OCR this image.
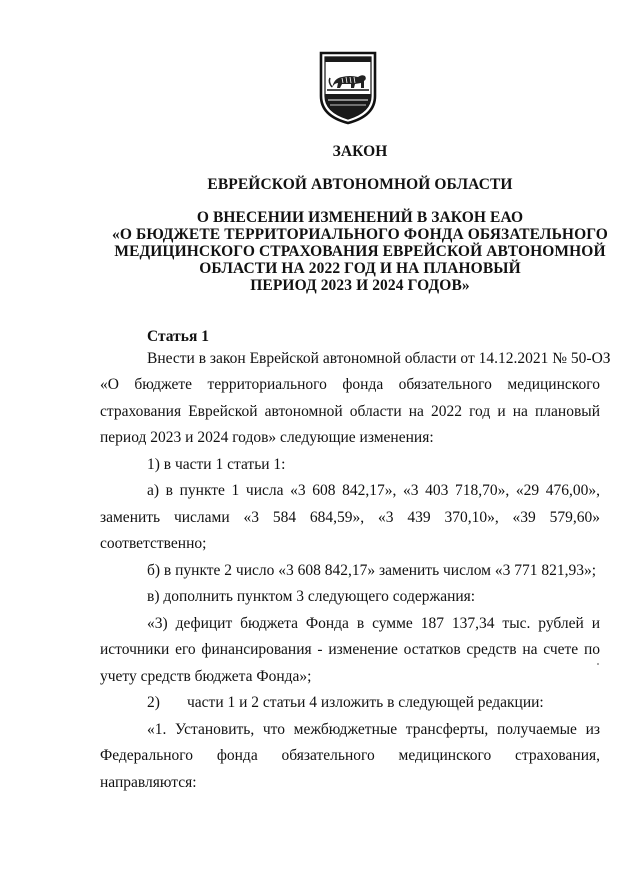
ЗАКОН
ЕВРЕЙСКОЙ АВТОНОМНОЙ ОБЛАСТИ
О ВНЕСЕНИИ ИЗМЕНЕНИЙ В ЗАКОН ЕАО
«О БЮДЖЕТЕ ТЕРРИТОРИАЛЬНОГО ФОНДА ОБЯЗАТЕЛЬНОГО
МЕДИЦИНСКОГО СТРАХОВАНИЯ ЕВРЕЙСКОЙ АВТОНОМНОЙ
ОБЛАСТИ НА 2022 ГОД И НА ПЛАНОВЫЙ
ПЕРИОД 2023 И 2024 ГОДОВ»
Статья 1
Внести в закон Еврейской автономной области от 14.12.2021 № 50-ОЗ
«О бюджете территориального фонда обязательного медицинского
страхования Еврейской автономной области на 2022 год и на плановый
период 2023 и 2024 годов» следующие изменения:
1) в части 1 статьи 1:
а) в пункте 1 числа «3 608 842,17», «3 403 718,70», «29 476,00»,
заменить числами «3 584 684,59», «3 439 370,10», «39 579,60»
соответственно;
б) в пункте 2 число «3 608 842,17» заменить числом «3 771 821,93»;
в) дополнить пунктом 3 следующего содержания:
«3) дефицит бюджета Фонда в сумме 187 137,34 тыс. рублей и
источники его финансирования - изменение остатков средств на счете по
учету средств бюджета Фонда»;
2) части 1 и 2 статьи 4 изложить в следующей редакции:
«1. Установить, что межбюджетные трансферты, получаемые из
Федерального фонда обязательного медицинского страхования,
направляются:
